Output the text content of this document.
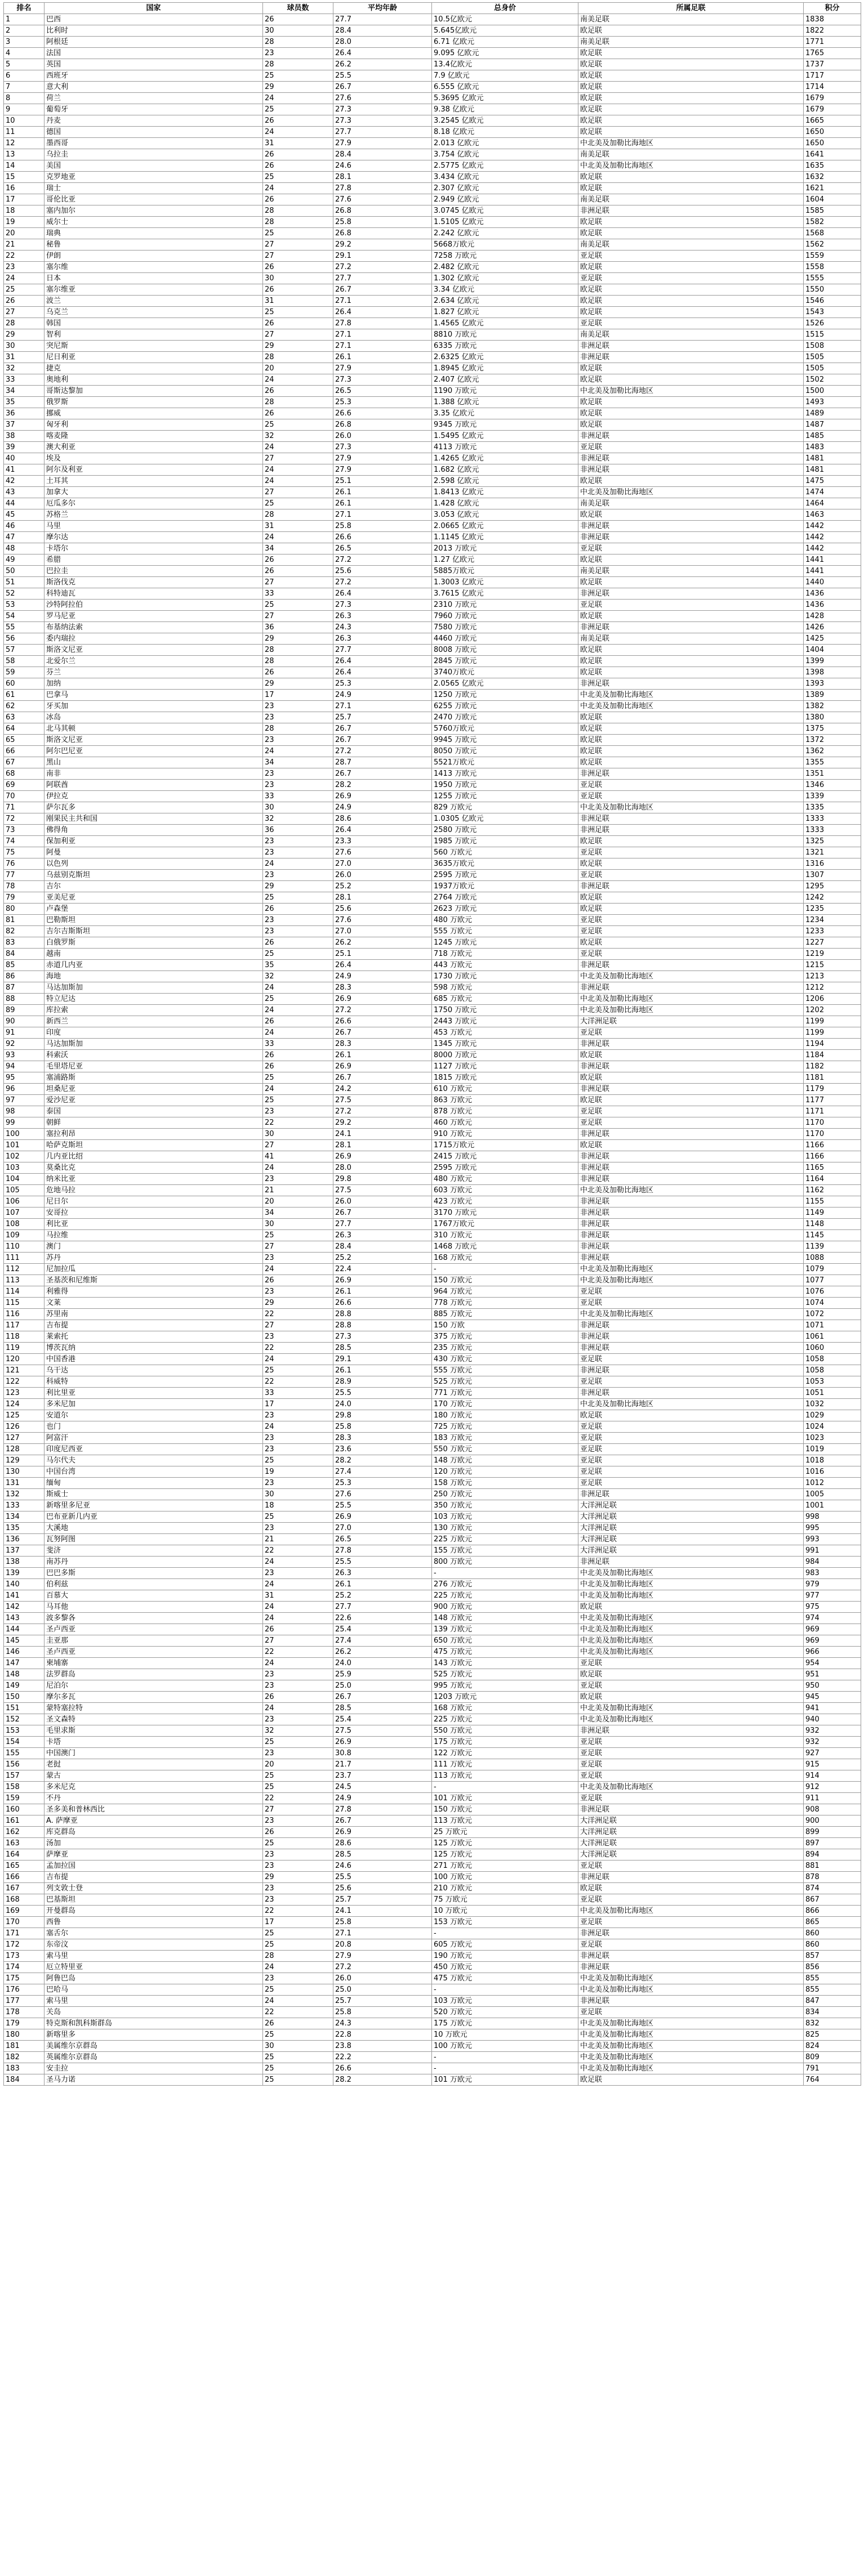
排名	国家	球员数	平均年龄	总身价	所属足联	积分
1	巴西	26	27.7	10.5亿欧元	南美足联	1838
2	比利时	30	28.4	5.645亿欧元	欧足联	1822
3	阿根廷	28	28.0	6.71 亿欧元	南美足联	1771
4	法国	23	26.4	9.095 亿欧元	欧足联	1765
5	英国	28	26.2	13.4亿欧元	欧足联	1737
6	西班牙	25	25.5	7.9 亿欧元	欧足联	1717
7	意大利	29	26.7	6.555 亿欧元	欧足联	1714
8	荷兰	24	27.6	5.3695 亿欧元	欧足联	1679
9	葡萄牙	25	27.3	9.38 亿欧元	欧足联	1679
10	丹麦	26	27.3	3.2545 亿欧元	欧足联	1665
11	德国	24	27.7	8.18 亿欧元	欧足联	1650
12	墨西哥	31	27.9	2.013 亿欧元	中北美及加勒比海地区	1650
13	乌拉圭	26	28.4	3.754 亿欧元	南美足联	1641
14	美国	26	24.6	2.5775 亿欧元	中北美及加勒比海地区	1635
15	克罗地亚	25	28.1	3.434 亿欧元	欧足联	1632
16	瑞士	24	27.8	2.307 亿欧元	欧足联	1621
17	哥伦比亚	26	27.6	2.949 亿欧元	南美足联	1604
18	塞内加尔	28	26.8	3.0745 亿欧元	非洲足联	1585
19	威尔士	28	25.8	1.5105 亿欧元	欧足联	1582
20	瑞典	25	26.8	2.242 亿欧元	欧足联	1568
21	秘鲁	27	29.2	5668万欧元	南美足联	1562
22	伊朗	27	29.1	7258 万欧元	亚足联	1559
23	塞尔维	26	27.2	2.482 亿欧元	欧足联	1558
24	日本	30	27.7	1.302 亿欧元	亚足联	1555
25	塞尔维亚	26	26.7	3.34 亿欧元	欧足联	1550
26	波兰	31	27.1	2.634 亿欧元	欧足联	1546
27	乌克兰	25	26.4	1.827 亿欧元	欧足联	1543
28	韩国	26	27.8	1.4565 亿欧元	亚足联	1526
29	智利	27	27.1	8810 万欧元	南美足联	1515
30	突尼斯	29	27.1	6335 万欧元	非洲足联	1508
31	尼日利亚	28	26.1	2.6325 亿欧元	非洲足联	1505
32	捷克	20	27.9	1.8945 亿欧元	欧足联	1505
33	奥地利	24	27.3	2.407 亿欧元	欧足联	1502
34	哥斯达黎加	26	26.5	1190 万欧元	中北美及加勒比海地区	1500
35	俄罗斯	28	25.3	1.388 亿欧元	欧足联	1493
36	挪威	26	26.6	3.35 亿欧元	欧足联	1489
37	匈牙利	25	26.8	9345 万欧元	欧足联	1487
38	喀麦隆	32	26.0	1.5495 亿欧元	非洲足联	1485
39	澳大利亚	24	27.3	4113 万欧元	亚足联	1483
40	埃及	27	27.9	1.4265 亿欧元	非洲足联	1481
41	阿尔及利亚	24	27.9	1.682 亿欧元	非洲足联	1481
42	土耳其	24	25.1	2.598 亿欧元	欧足联	1475
43	加拿大	27	26.1	1.8413 亿欧元	中北美及加勒比海地区	1474
44	厄瓜多尔	25	26.1	1.428 亿欧元	南美足联	1464
45	苏格兰	28	27.1	3.053 亿欧元	欧足联	1463
46	马里	31	25.8	2.0665 亿欧元	非洲足联	1442
47	摩尔达	24	26.6	1.1145 亿欧元	非洲足联	1442
48	卡塔尔	34	26.5	2013 万欧元	亚足联	1442
49	希腊	26	27.2	1.27 亿欧元	欧足联	1441
50	巴拉圭	26	25.6	5885万欧元	南美足联	1441
51	斯洛伐克	27	27.2	1.3003 亿欧元	欧足联	1440
52	科特迪瓦	33	26.4	3.7615 亿欧元	非洲足联	1436
53	沙特阿拉伯	25	27.3	2310 万欧元	亚足联	1436
54	罗马尼亚	27	26.3	7960 万欧元	欧足联	1428
55	布基纳法索	36	24.3	7580 万欧元	非洲足联	1426
56	委内瑞拉	29	26.3	4460 万欧元	南美足联	1425
57	斯洛文尼亚	28	27.7	8008 万欧元	欧足联	1404
58	北爱尔兰	28	26.4	2845 万欧元	欧足联	1399
59	芬兰	26	26.4	3740万欧元	欧足联	1398
60	加纳	29	25.3	2.0565 亿欧元	非洲足联	1393
61	巴拿马	17	24.9	1250 万欧元	中北美及加勒比海地区	1389
62	牙买加	23	27.1	6255 万欧元	中北美及加勒比海地区	1382
63	冰岛	23	25.7	2470 万欧元	欧足联	1380
64	北马其顿	28	26.7	5760万欧元	欧足联	1375
65	斯洛文尼亚	23	26.7	9945 万欧元	欧足联	1372
66	阿尔巴尼亚	24	27.2	8050 万欧元	欧足联	1362
67	黑山	34	28.7	5521万欧元	欧足联	1355
68	南非	23	26.7	1413 万欧元	非洲足联	1351
69	阿联酋	23	28.2	1950 万欧元	亚足联	1346
70	伊拉克	33	26.9	1255 万欧元	亚足联	1339
71	萨尔瓦多	30	24.9	829 万欧元	中北美及加勒比海地区	1335
72	刚果民主共和国	32	28.6	1.0305 亿欧元	非洲足联	1333
73	佛得角	36	26.4	2580 万欧元	非洲足联	1333
74	保加利亚	23	23.3	1985 万欧元	欧足联	1325
75	阿曼	23	27.6	560 万欧元	亚足联	1321
76	以色列	24	27.0	3635万欧元	欧足联	1316
77	乌兹别克斯坦	23	26.0	2595 万欧元	亚足联	1307
78	吉尔	29	25.2	1937万欧元	非洲足联	1295
79	亚美尼亚	25	28.1	2764 万欧元	欧足联	1242
80	卢森堡	26	25.6	2623 万欧元	欧足联	1235
81	巴勒斯坦	23	27.6	480 万欧元	亚足联	1234
82	吉尔吉斯斯坦	23	27.0	555 万欧元	亚足联	1233
83	白俄罗斯	26	26.2	1245 万欧元	欧足联	1227
84	越南	25	25.1	718 万欧元	亚足联	1219
85	赤道几内亚	35	26.4	443 万欧元	非洲足联	1215
86	海地	32	24.9	1730 万欧元	中北美及加勒比海地区	1213
87	马达加斯加	24	28.3	598 万欧元	非洲足联	1212
88	特立尼达	25	26.9	685 万欧元	中北美及加勒比海地区	1206
89	库拉索	24	27.2	1750 万欧元	中北美及加勒比海地区	1202
90	新西兰	26	26.6	2443 万欧元	大洋洲足联	1199
91	印度	24	26.7	453 万欧元	亚足联	1199
92	马达加斯加	33	28.3	1345 万欧元	非洲足联	1194
93	科索沃	26	26.1	8000 万欧元	欧足联	1184
94	毛里塔尼亚	26	26.9	1127 万欧元	非洲足联	1182
95	塞浦路斯	25	26.7	1815 万欧元	欧足联	1181
96	坦桑尼亚	24	24.2	610 万欧元	非洲足联	1179
97	爱沙尼亚	25	27.5	863 万欧元	欧足联	1177
98	泰国	23	27.2	878 万欧元	亚足联	1171
99	朝鲜	22	29.2	460 万欧元	亚足联	1170
100	塞拉利昂	30	24.1	910 万欧元	非洲足联	1170
101	哈萨克斯坦	27	28.1	1715万欧元	欧足联	1166
102	几内亚比绍	41	26.9	2415 万欧元	非洲足联	1166
103	莫桑比克	24	28.0	2595 万欧元	非洲足联	1165
104	纳米比亚	23	29.8	480 万欧元	非洲足联	1164
105	危地马拉	21	27.5	603 万欧元	中北美及加勒比海地区	1162
106	尼日尔	20	26.0	423 万欧元	非洲足联	1155
107	安哥拉	34	26.7	3170 万欧元	非洲足联	1149
108	利比亚	30	27.7	1767万欧元	非洲足联	1148
109	马拉维	25	26.3	310 万欧元	非洲足联	1145
110	澳门	27	28.4	1468 万欧元	非洲足联	1139
111	苏丹	23	25.2	168 万欧元	非洲足联	1088
112	尼加拉瓜	24	22.4	-	中北美及加勒比海地区	1079
113	圣基茨和尼维斯	26	26.9	150 万欧元	中北美及加勒比海地区	1077
114	利雅得	23	26.1	964 万欧元	亚足联	1076
115	文莱	29	26.6	778 万欧元	亚足联	1074
116	苏里南	22	28.8	885 万欧元	中北美及加勒比海地区	1072
117	吉布提	27	28.8	150 万欧	非洲足联	1071
118	莱索托	23	27.3	375 万欧元	非洲足联	1061
119	博茨瓦纳	22	28.5	235 万欧元	非洲足联	1060
120	中国香港	24	29.1	430 万欧元	亚足联	1058
121	乌干达	25	26.1	555 万欧元	非洲足联	1058
122	科威特	22	28.9	525 万欧元	亚足联	1053
123	利比里亚	33	25.5	771 万欧元	非洲足联	1051
124	多米尼加	17	24.0	170 万欧元	中北美及加勒比海地区	1032
125	安道尔	23	29.8	180 万欧元	欧足联	1029
126	也门	24	25.8	725 万欧元	亚足联	1024
127	阿富汗	23	28.3	183 万欧元	亚足联	1023
128	印度尼西亚	23	23.6	550 万欧元	亚足联	1019
129	马尔代夫	25	28.2	148 万欧元	亚足联	1018
130	中国台湾	19	27.4	120 万欧元	亚足联	1016
131	缅甸	23	25.3	158 万欧元	亚足联	1012
132	斯威士	30	27.6	250 万欧元	非洲足联	1005
133	新喀里多尼亚	18	25.5	350 万欧元	大洋洲足联	1001
134	巴布亚新几内亚	25	26.9	103 万欧元	大洋洲足联	998
135	大溪地	23	27.0	130 万欧元	大洋洲足联	995
136	瓦努阿图	21	26.5	225 万欧元	大洋洲足联	993
137	斐济	22	27.8	155 万欧元	大洋洲足联	991
138	南苏丹	24	25.5	800 万欧元	非洲足联	984
139	巴巴多斯	23	26.3	-	中北美及加勒比海地区	983
140	伯利兹	24	26.1	276 万欧元	中北美及加勒比海地区	979
141	百慕大	31	25.2	225 万欧元	中北美及加勒比海地区	977
142	马耳他	24	27.7	900 万欧元	欧足联	975
143	波多黎各	24	22.6	148 万欧元	中北美及加勒比海地区	974
144	圣卢西亚	26	25.4	139 万欧元	中北美及加勒比海地区	969
145	圭亚那	27	27.4	650 万欧元	中北美及加勒比海地区	969
146	圣卢西亚	22	26.2	475 万欧元	中北美及加勒比海地区	966
147	柬埔寨	24	24.0	143 万欧元	亚足联	954
148	法罗群岛	23	25.9	525 万欧元	欧足联	951
149	尼泊尔	23	25.0	995 万欧元	亚足联	950
150	摩尔多瓦	26	26.7	1203 万欧元	欧足联	945
151	蒙特塞拉特	24	28.5	168 万欧元	中北美及加勒比海地区	941
152	圣文森特	23	25.4	225 万欧元	中北美及加勒比海地区	940
153	毛里求斯	32	27.5	550 万欧元	非洲足联	932
154	卡塔	25	26.9	175 万欧元	亚足联	932
155	中国澳门	23	30.8	122 万欧元	亚足联	927
156	老挝	20	21.7	111 万欧元	亚足联	915
157	蒙古	25	23.7	113 万欧元	亚足联	914
158	多米尼克	25	24.5	-	中北美及加勒比海地区	912
159	不丹	22	24.9	101 万欧元	亚足联	911
160	圣多美和普林西比	27	27.8	150 万欧元	非洲足联	908
161	A. 萨摩亚	23	26.7	113 万欧元	大洋洲足联	900
162	库克群岛	26	26.9	25 万欧元	大洋洲足联	899
163	汤加	25	28.6	125 万欧元	大洋洲足联	897
164	萨摩亚	23	28.5	125 万欧元	大洋洲足联	894
165	孟加拉国	23	24.6	271 万欧元	亚足联	881
166	吉布提	29	25.5	100 万欧元	非洲足联	878
167	列支敦士登	23	25.6	210 万欧元	欧足联	874
168	巴基斯坦	23	25.7	75 万欧元	亚足联	867
169	开曼群岛	22	24.1	10 万欧元	中北美及加勒比海地区	866
170	西鲁	17	25.8	153 万欧元	亚足联	865
171	塞舌尔	25	27.1	-	非洲足联	860
172	东帝汶	25	20.8	605 万欧元	亚足联	860
173	索马里	28	27.9	190 万欧元	非洲足联	857
174	厄立特里亚	24	27.2	450 万欧元	非洲足联	856
175	阿鲁巴岛	23	26.0	475 万欧元	中北美及加勒比海地区	855
176	巴哈马	25	25.0	-	中北美及加勒比海地区	855
177	索马里	24	25.7	103 万欧元	非洲足联	847
178	关岛	22	25.8	520 万欧元	亚足联	834
179	特克斯和凯科斯群岛	26	24.3	175 万欧元	中北美及加勒比海地区	832
180	新喀里多	25	22.8	10 万欧元	中北美及加勒比海地区	825
181	美属维尔京群岛	30	23.8	100 万欧元	中北美及加勒比海地区	824
182	英属维尔京群岛	25	22.2	-	中北美及加勒比海地区	809
183	安圭拉	25	26.6	-	中北美及加勒比海地区	791
184	圣马力诺	25	28.2	101 万欧元	欧足联	764
